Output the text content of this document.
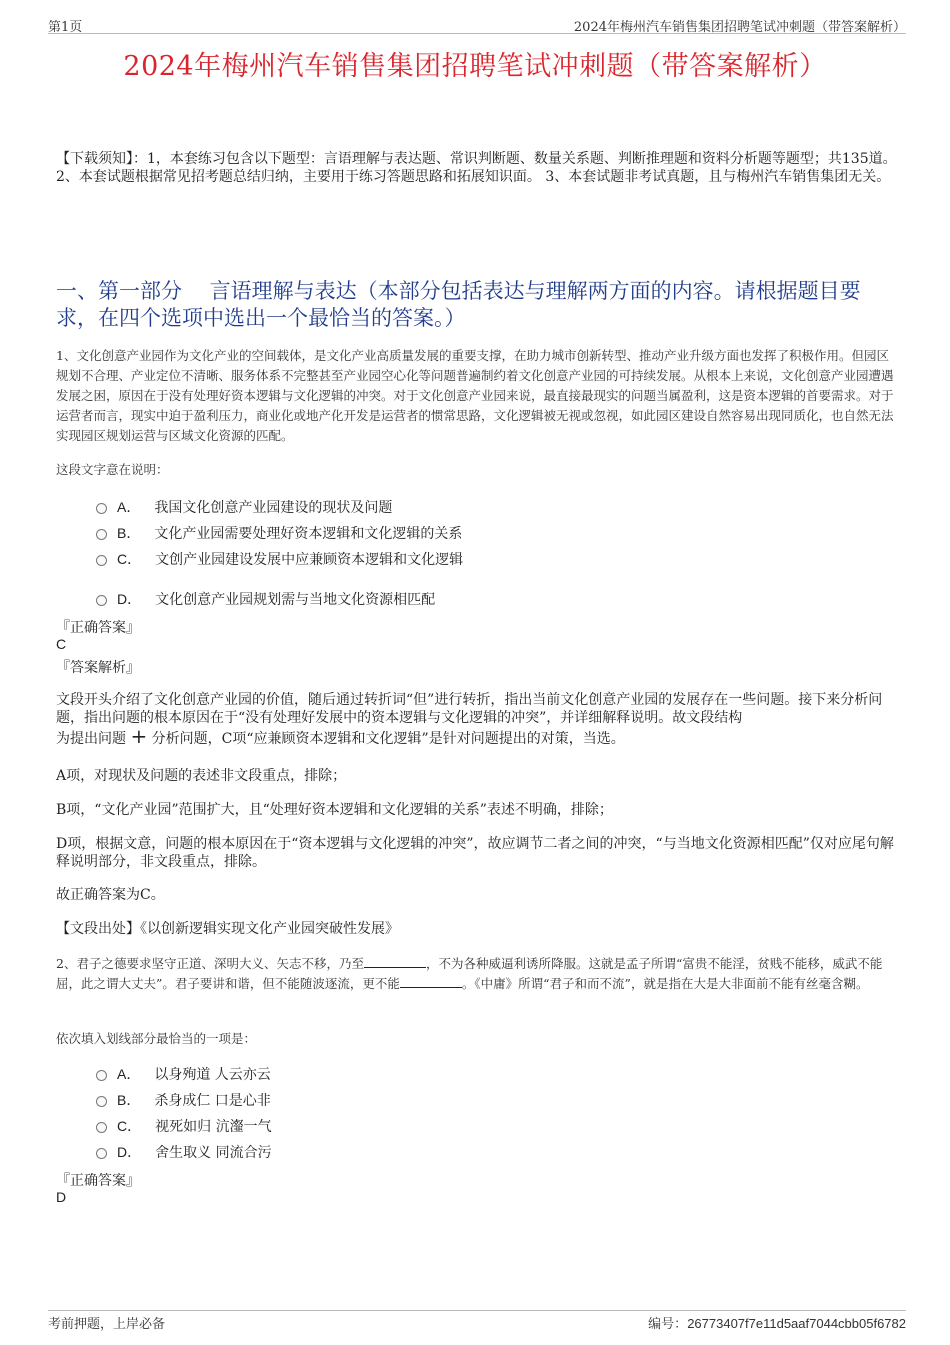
第1页	2024年梅州汽车销售集团招聘笔试冲刺题（带答案解析）
2024年梅州汽车销售集团招聘笔试冲刺题（带答案解析）
【下载须知】：1，本套练习包含以下题型：言语理解与表达题、常识判断题、数量关系题、判断推理题和资料分析题等题型；共135道。 2、本套试题根据常见招考题总结归纳，主要用于练习答题思路和拓展知识面。 3、本套试题非考试真题，且与梅州汽车销售集团无关。
一、第一部分　 言语理解与表达（本部分包括表达与理解两方面的内容。请根据题目要求，在四个选项中选出一个最恰当的答案。）
1、文化创意产业园作为文化产业的空间载体，是文化产业高质量发展的重要支撑，在助力城市创新转型、推动产业升级方面也发挥了积极作用。但园区规划不合理、产业定位不清晰、服务体系不完整甚至产业园空心化等问题普遍制约着文化创意产业园的可持续发展。从根本上来说，文化创意产业园遭遇发展之困，原因在于没有处理好资本逻辑与文化逻辑的冲突。对于文化创意产业园来说，最直接最现实的问题当属盈利，这是资本逻辑的首要需求。对于运营者而言，现实中迫于盈利压力，商业化或地产化开发是运营者的惯常思路，文化逻辑被无视或忽视，如此园区建设自然容易出现同质化，也自然无法实现园区规划运营与区域文化资源的匹配。
这段文字意在说明：
A． 我国文化创意产业园建设的现状及问题
B． 文化产业园需要处理好资本逻辑和文化逻辑的关系
C． 文创产业园建设发展中应兼顾资本逻辑和文化逻辑
D． 文化创意产业园规划需与当地文化资源相匹配
『正确答案』
C
『答案解析』
文段开头介绍了文化创意产业园的价值，随后通过转折词“但”进行转折，指出当前文化创意产业园的发展存在一些问题。接下来分析问题，指出问题的根本原因在于“没有处理好发展中的资本逻辑与文化逻辑的冲突”，并详细解释说明。故文段结构
为提出问题 + 分析问题，C项“应兼顾资本逻辑和文化逻辑”是针对问题提出的对策，当选。
A项，对现状及问题的表述非文段重点，排除；
B项，“文化产业园”范围扩大，且“处理好资本逻辑和文化逻辑的关系”表述不明确，排除；
D项，根据文意，问题的根本原因在于“资本逻辑与文化逻辑的冲突”，故应调节二者之间的冲突，“与当地文化资源相匹配”仅对应尾句解释说明部分，非文段重点，排除。
故正确答案为C。
【文段出处】《以创新逻辑实现文化产业园突破性发展》
2、君子之德要求坚守正道、深明大义、矢志不移，乃至	，不为各种威逼利诱所降服。这就是孟子所谓“富贵不能淫，贫贱不能移，威武不能屈，此之谓大丈夫”。君子要讲和谐，但不能随波逐流，更不能	。《中庸》所谓“君子和而不流”，就是指在大是大非面前不能有丝毫含糊。
依次填入划线部分最恰当的一项是：
A． 以身殉道 人云亦云
B． 杀身成仁 口是心非
C． 视死如归 沆瀣一气
D． 舍生取义 同流合污
『正确答案』
D
考前押题，上岸必备	编号：26773407f7e11d5aaf7044cbb05f6782
